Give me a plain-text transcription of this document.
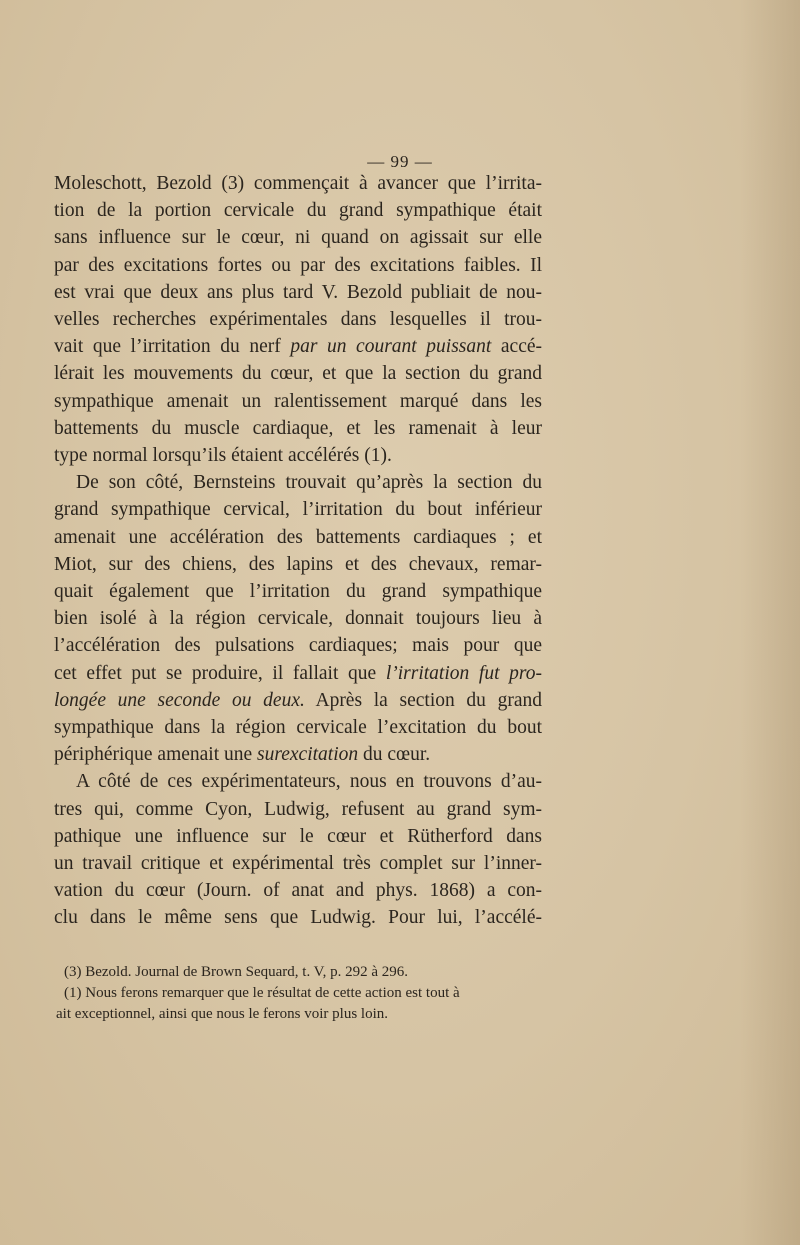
— 99 —
Moleschott, Bezold (3) commençait à avancer que l’irrita-
tion de la portion cervicale du grand sympathique était
sans influence sur le cœur, ni quand on agissait sur elle
par des excitations fortes ou par des excitations faibles. Il
est vrai que deux ans plus tard V. Bezold publiait de nou-
velles recherches expérimentales dans lesquelles il trou-
vait que l’irritation du nerf par un courant puissant accé-
lérait les mouvements du cœur, et que la section du grand
sympathique amenait un ralentissement marqué dans les
battements du muscle cardiaque, et les ramenait à leur
type normal lorsqu’ils étaient accélérés (1).
De son côté, Bernsteins trouvait qu’après la section du
grand sympathique cervical, l’irritation du bout inférieur
amenait une accélération des battements cardiaques ; et
Miot, sur des chiens, des lapins et des chevaux, remar-
quait également que l’irritation du grand sympathique
bien isolé à la région cervicale, donnait toujours lieu à
l’accélération des pulsations cardiaques; mais pour que
cet effet put se produire, il fallait que l’irritation fut pro-
longée une seconde ou deux. Après la section du grand
sympathique dans la région cervicale l’excitation du bout
périphérique amenait une surexcitation du cœur.
A côté de ces expérimentateurs, nous en trouvons d’au-
tres qui, comme Cyon, Ludwig, refusent au grand sym-
pathique une influence sur le cœur et Rütherford dans
un travail critique et expérimental très complet sur l’inner-
vation du cœur (Journ. of anat and phys. 1868) a con-
clu dans le même sens que Ludwig. Pour lui, l’accélé-
(3) Bezold. Journal de Brown Sequard, t. V, p. 292 à 296.
(1) Nous ferons remarquer que le résultat de cette action est tout à
ait exceptionnel, ainsi que nous le ferons voir plus loin.
